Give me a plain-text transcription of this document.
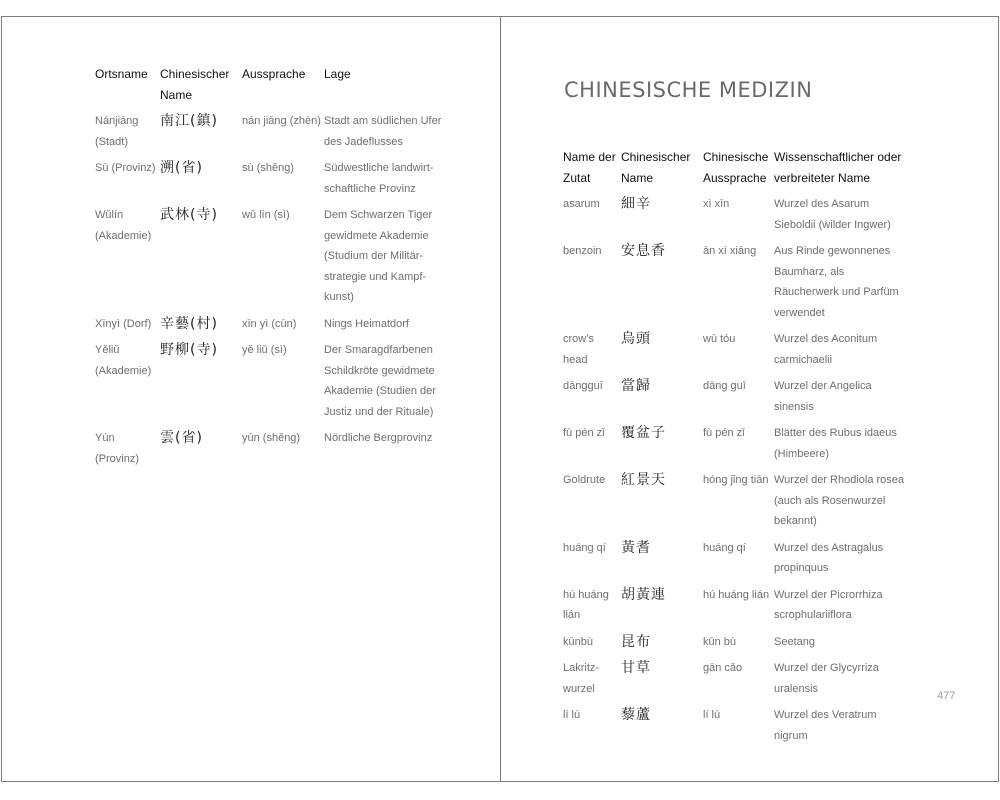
Ortsname	Chinesischer Name	Aussprache	Lage
Nánjiāng (Stadt)	南江(鎮)	nán jiāng (zhèn)	Stadt am südlichen Ufer des Jadeflusses
Sù (Provinz)	溯(省)	sù (shěng)	Südwestliche landwirt-schaftliche Provinz
Wǔlín (Akademie)	武林(寺)	wǔ lín (sì)	Dem Schwarzen Tiger gewidmete Akademie (Studium der Militär-strategie und Kampf-kunst)
Xīnyì (Dorf)	辛藝(村)	xīn yì (cūn)	Nings Heimatdorf
Yěliǔ (Akademie)	野柳(寺)	yě liǔ (sì)	Der Smaragdfarbenen Schildkröte gewidmete Akademie (Studien der Justiz und der Rituale)
Yún (Provinz)	雲(省)	yún (shěng)	Nördliche Bergprovinz
CHINESISCHE MEDIZIN
Name der Zutat	Chinesischer Name	Chinesische Aussprache	Wissenschaftlicher oder verbreiteter Name
asarum	細辛	xì xīn	Wurzel des Asarum Sieboldii (wilder Ingwer)
benzoin	安息香	ān xí xiāng	Aus Rinde gewonnenes Baumharz, als Räucherwerk und Parfüm verwendet
crow’s head	烏頭	wū tóu	Wurzel des Aconitum carmichaelii
dāngguī	當歸	dāng guī	Wurzel der Angelica sinensis
fù pén zǐ	覆盆子	fù pén zǐ	Blätter des Rubus idaeus (Himbeere)
Goldrute	紅景天	hóng jǐng tiān	Wurzel der Rhodiola rosea (auch als Rosenwurzel bekannt)
huáng qí	黃耆	huáng qí	Wurzel des Astragalus propinquus
hú huáng lián	胡黃連	hú huáng lián	Wurzel der Picrorrhiza scrophulariiflora
kūnbù	昆布	kūn bù	Seetang
Lakritz-wurzel	甘草	gān cǎo	Wurzel der Glycyrriza uralensis
lí lú	藜蘆	lí lú	Wurzel des Veratrum nigrum
477
